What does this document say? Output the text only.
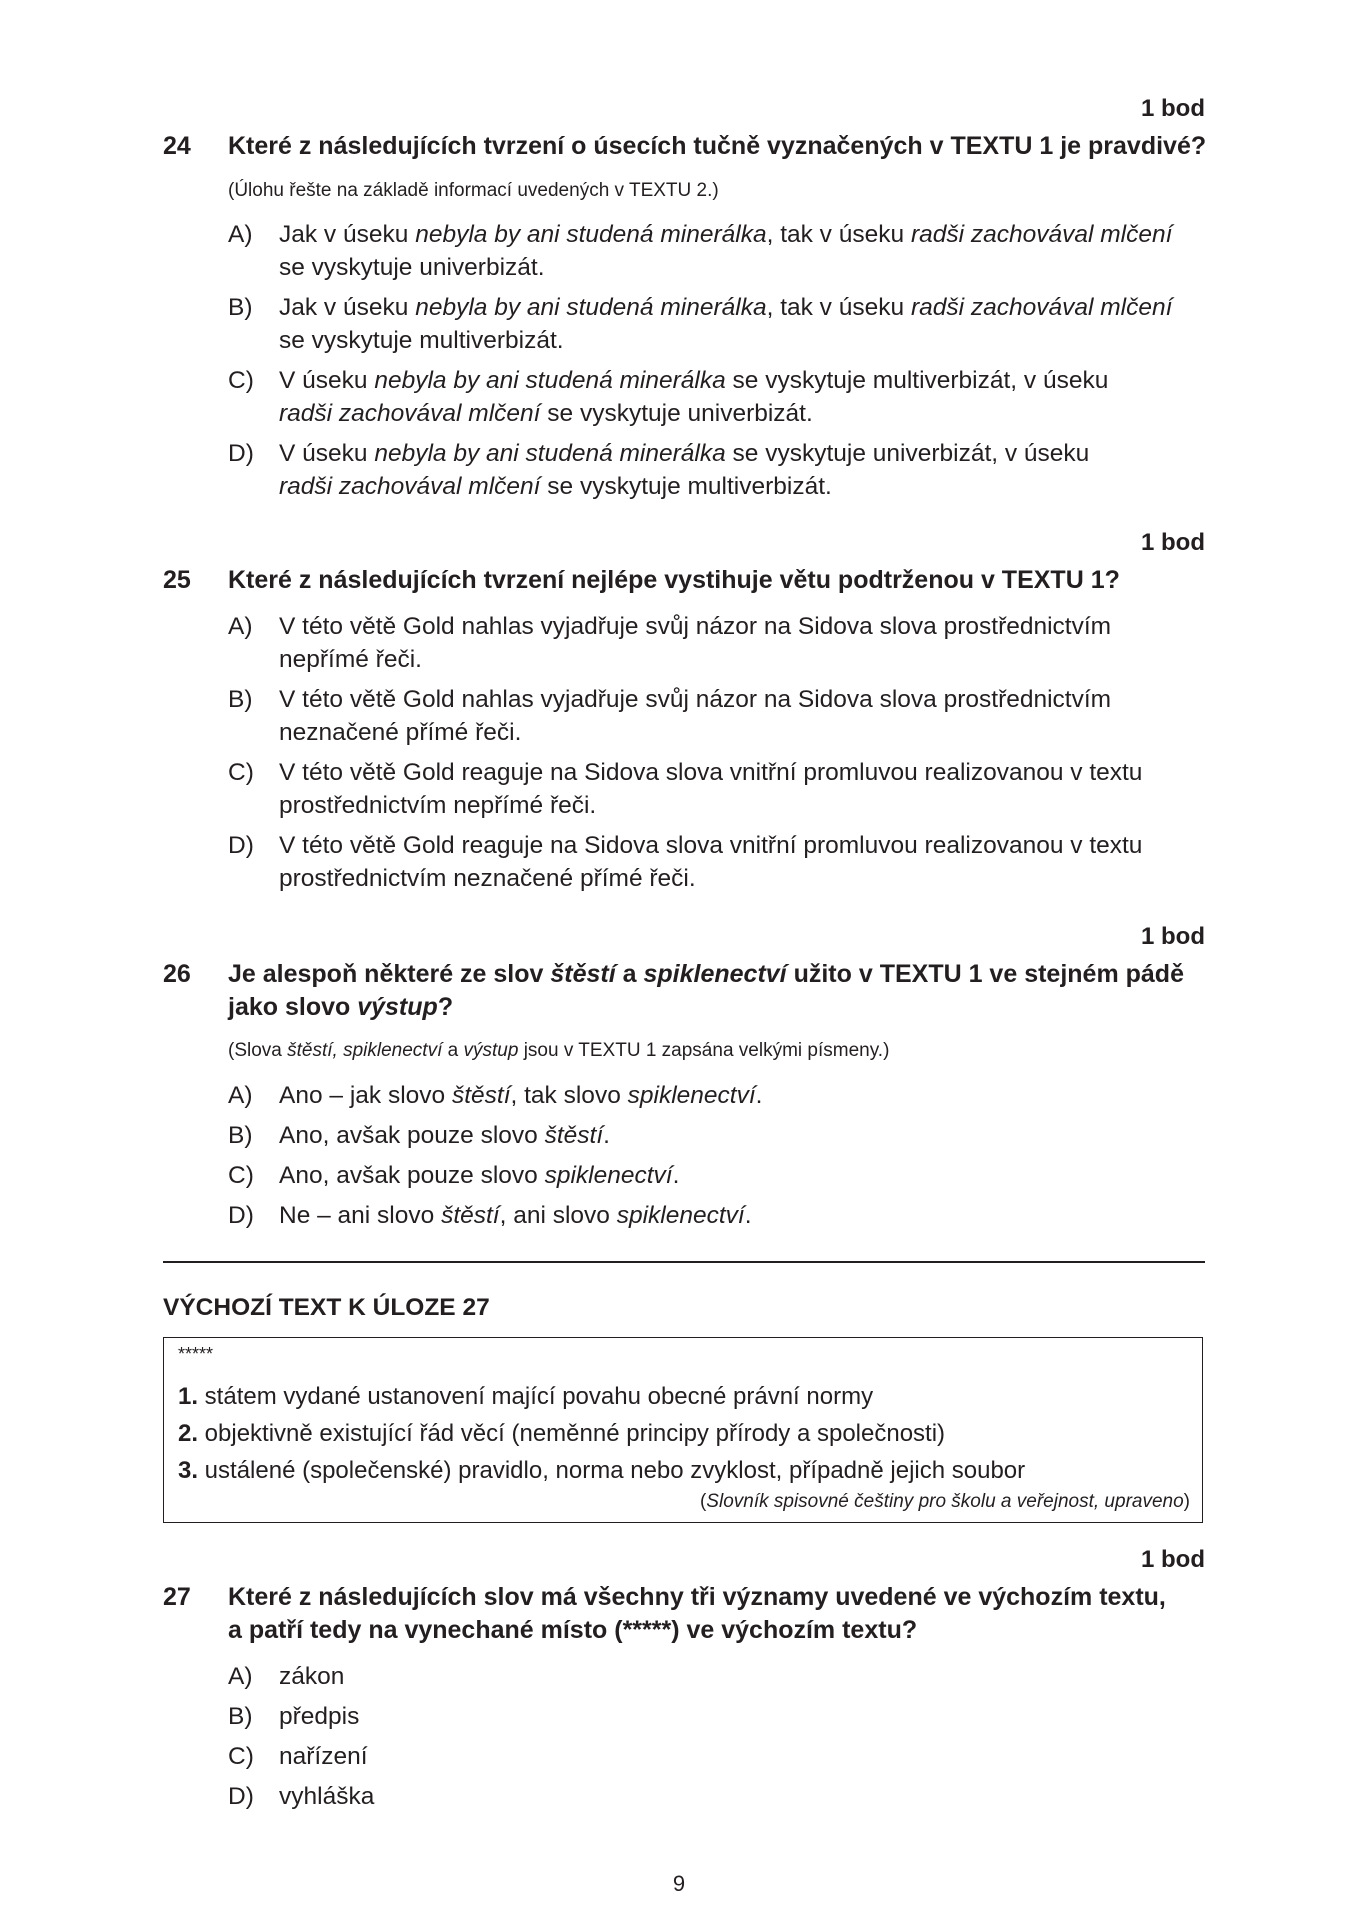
1 bod
24	Které z následujících tvrzení o úsecích tučně vyznačených v TEXTU 1 je pravdivé?
(Úlohu řešte na základě informací uvedených v TEXTU 2.)
A)	Jak v úseku nebyla by ani studená minerálka, tak v úseku radši zachovával mlčení
se vyskytuje univerbizát.
B)	Jak v úseku nebyla by ani studená minerálka, tak v úseku radši zachovával mlčení
se vyskytuje multiverbizát.
C)	V úseku nebyla by ani studená minerálka se vyskytuje multiverbizát, v úseku
radši zachovával mlčení se vyskytuje univerbizát.
D)	V úseku nebyla by ani studená minerálka se vyskytuje univerbizát, v úseku
radši zachovával mlčení se vyskytuje multiverbizát.
1 bod
25	Které z následujících tvrzení nejlépe vystihuje větu podtrženou v TEXTU 1?
A)	V této větě Gold nahlas vyjadřuje svůj názor na Sidova slova prostřednictvím
nepřímé řeči.
B)	V této větě Gold nahlas vyjadřuje svůj názor na Sidova slova prostřednictvím
neznačené přímé řeči.
C)	V této větě Gold reaguje na Sidova slova vnitřní promluvou realizovanou v textu
prostřednictvím nepřímé řeči.
D)	V této větě Gold reaguje na Sidova slova vnitřní promluvou realizovanou v textu
prostřednictvím neznačené přímé řeči.
1 bod
26	Je alespoň některé ze slov štěstí a spiklenectví užito v TEXTU 1 ve stejném pádě
jako slovo výstup?
(Slova štěstí, spiklenectví a výstup jsou v TEXTU 1 zapsána velkými písmeny.)
A)	Ano – jak slovo štěstí, tak slovo spiklenectví.
B)	Ano, avšak pouze slovo štěstí.
C)	Ano, avšak pouze slovo spiklenectví.
D)	Ne – ani slovo štěstí, ani slovo spiklenectví.
VÝCHOZÍ TEXT K ÚLOZE 27
*****
1. státem vydané ustanovení mající povahu obecné právní normy
2. objektivně existující řád věcí (neměnné principy přírody a společnosti)
3. ustálené (společenské) pravidlo, norma nebo zvyklost, případně jejich soubor
(Slovník spisovné češtiny pro školu a veřejnost, upraveno)
1 bod
27	Které z následujících slov má všechny tři významy uvedené ve výchozím textu,
a patří tedy na vynechané místo (*****) ve výchozím textu?
A)	zákon
B)	předpis
C)	nařízení
D)	vyhláška
9
